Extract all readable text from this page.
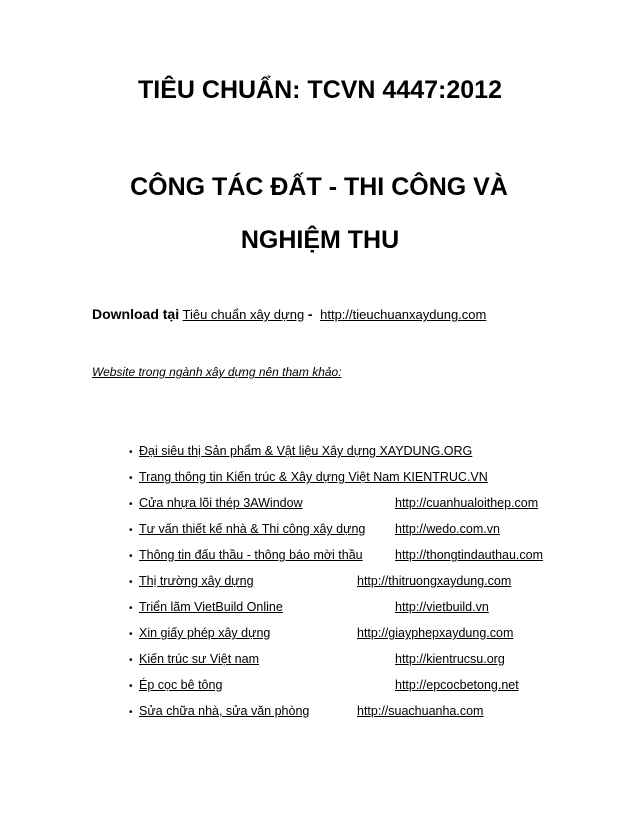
TIÊU CHUẨN: TCVN 4447:2012
CÔNG TÁC ĐẤT - THI CÔNG VÀ
NGHIỆM THU
Download tại Tiêu chuẩn xây dựng - http://tieuchuanxaydung.com
Website trong ngành xây dựng nên tham khảo:
• Đại siêu thị Sản phẩm & Vật liệu Xây dựng XAYDUNG.ORG
• Trang thông tin Kiến trúc & Xây dựng Việt Nam KIENTRUC.VN
• Cửa nhựa lõi thép 3AWindow	http://cuanhualoithep.com
• Tư vấn thiết kế nhà & Thi công xây dựng http://wedo.com.vn
• Thông tin đấu thầu - thông báo mời thầu	http://thongtindauthau.com
• Thị trường xây dựng	http://thitruongxaydung.com
• Triển lãm VietBuild Online	http://vietbuild.vn
• Xin giấy phép xây dựng	http://giayphepxaydung.com
• Kiến trúc sư Việt nam	http://kientrucsu.org
• Ép cọc bê tông	http://epcocbetong.net
• Sửa chữa nhà, sửa văn phòng	http://suachuanha.com
